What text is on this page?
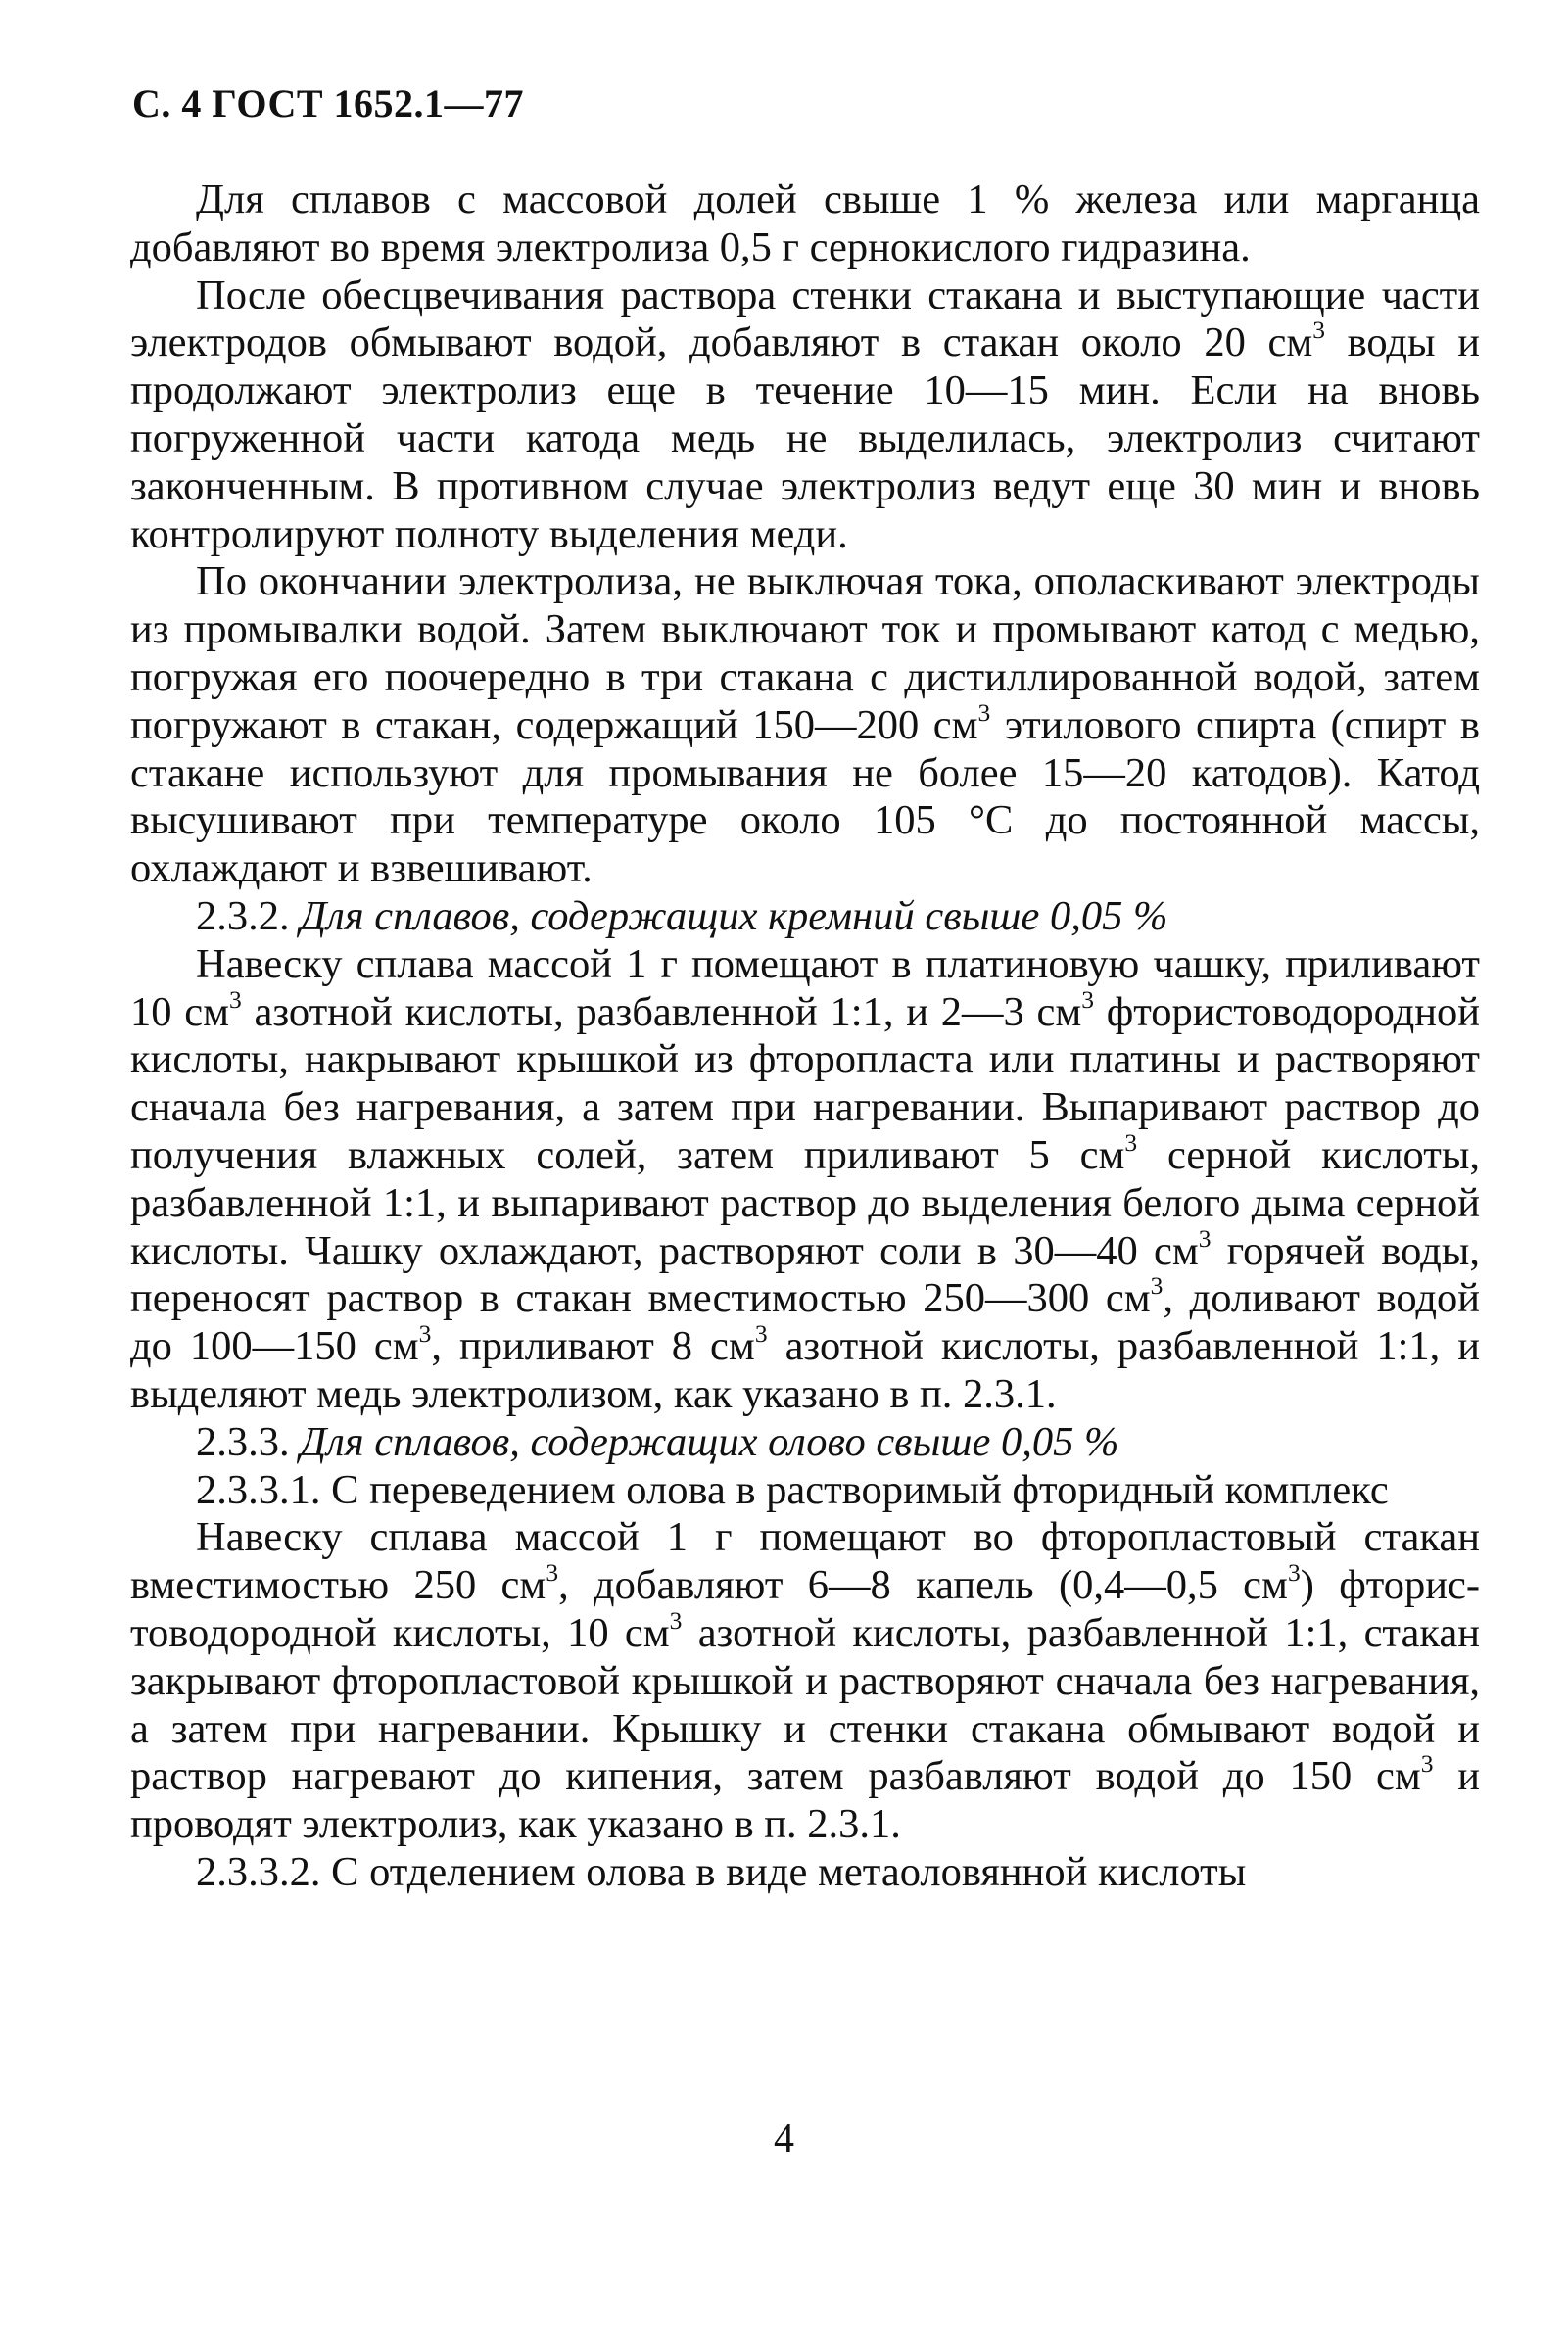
С. 4 ГОСТ 1652.1—77

Для сплавов с массовой долей свыше 1 % железа или марганца добавляют во время электролиза 0,5 г сернокислого гидразина.

После обесцвечивания раствора стенки стакана и выступающие части электродов обмывают водой, добавляют в стакан около 20 $см^3$ воды и продолжают электролиз еще в течение 10—15 мин. Если на вновь погруженной части катода медь не выделилась, электролиз считают законченным. В противном случае электролиз ведут еще 30 мин и вновь контролируют полноту выделения меди.

По окончании электролиза, не выключая тока, ополаскивают электроды из промывалки водой. Затем выключают ток и промывают катод с медью, погружая его поочередно в три стакана с дистиллированной водой, затем погружают в стакан, содержащий 150—200 $см^3$ этилового спирта (спирт в стакане используют для промывания не более 15—20 катодов). Катод высушивают при температуре около 105 °С до постоянной массы, охлаждают и взвешивают.

2.3.2. Для сплавов, содержащих кремний свыше 0,05 %

Навеску сплава массой 1 г помещают в платиновую чашку, приливают 10 $см^3$ азотной кислоты, разбавленной 1:1, и 2—3 $см^3$ фтористоводородной кислоты, накрывают крышкой из фторопласта или платины и растворяют сначала без нагревания, а затем при нагревании. Выпаривают раствор до получения влажных солей, затем приливают 5 $см^3$ серной кислоты, разбавленной 1:1, и выпаривают раствор до выделения белого дыма серной кислоты. Чашку охлаждают, растворяют соли в 30—40 $см^3$ горячей воды, переносят раствор в стакан вместимостью 250—300 $см^3$, доливают водой до 100—150 $см^3$, приливают 8 $см^3$ азотной кислоты, разбавленной 1:1, и выделяют медь электролизом, как указано в п. 2.3.1.

2.3.3. Для сплавов, содержащих олово свыше 0,05 %

2.3.3.1. С переведением олова в растворимый фторидный комплекс

Навеску сплава массой 1 г помещают во фторопластовый стакан вместимостью 250 $см^3$, добавляют 6—8 капель (0,4—0,5 $см^3$) фтористоводородной кислоты, 10 $см^3$ азотной кислоты, разбавленной 1:1, стакан закрывают фторопластовой крышкой и растворяют сначала без нагревания, а затем при нагревании. Крышку и стенки стакана обмывают водой и раствор нагревают до кипения, затем разбавляют водой до 150 $см^3$ и проводят электролиз, как указано в п. 2.3.1.

2.3.3.2. С отделением олова в виде метаоловянной кислоты

4
